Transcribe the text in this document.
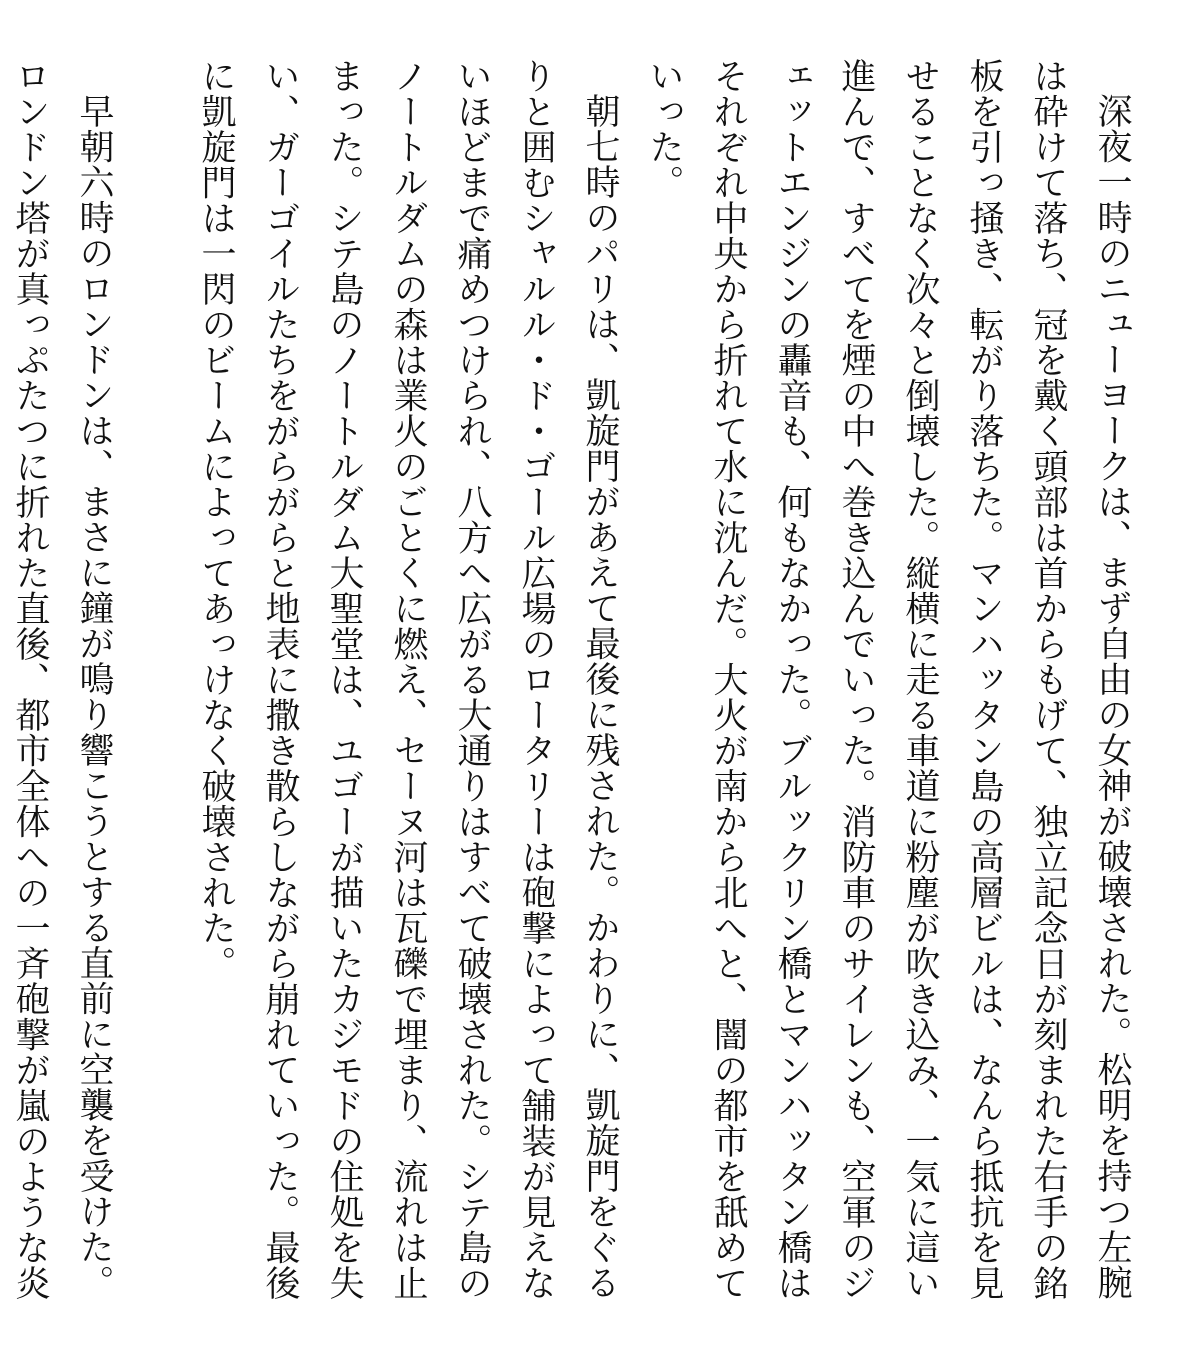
深夜一時のニューヨークは、まず自由の女神が破壊された。松明を持つ左腕は砕けて落ち、冠を戴く頭部は首からもげて、独立記念日が刻まれた右手の銘板を引っ掻き、転がり落ちた。マンハッタン島の高層ビルは、なんら抵抗を見せることなく次々と倒壊した。縦横に走る車道に粉塵が吹き込み、一気に這い進んで、すべてを煙の中へ巻き込んでいった。消防車のサイレンも、空軍のジェットエンジンの轟音も、何もなかった。ブルックリン橋とマンハッタン橋はそれぞれ中央から折れて水に沈んだ。大火が南から北へと、闇の都市を舐めていった。

朝七時のパリは、凱旋門があえて最後に残された。かわりに、凱旋門をぐるりと囲むシャルル・ド・ゴール広場のロータリーは砲撃によって舗装が見えないほどまで痛めつけられ、八方へ広がる大通りはすべて破壊された。シテ島のノートルダムの森は業火のごとくに燃え、セーヌ河は瓦礫で埋まり、流れは止まった。シテ島のノートルダム大聖堂は、ユゴーが描いたカジモドの住処を失い、ガーゴイルたちをがらがらと地表に撒き散らしながら崩れていった。最後に凱旋門は一閃のビームによってあっけなく破壊された。

早朝六時のロンドンは、まさに鐘が鳴り響こうとする直前に空襲を受けた。ロンドン塔が真っぷたつに折れた直後、都市全体への一斉砲撃が嵐のような炎
